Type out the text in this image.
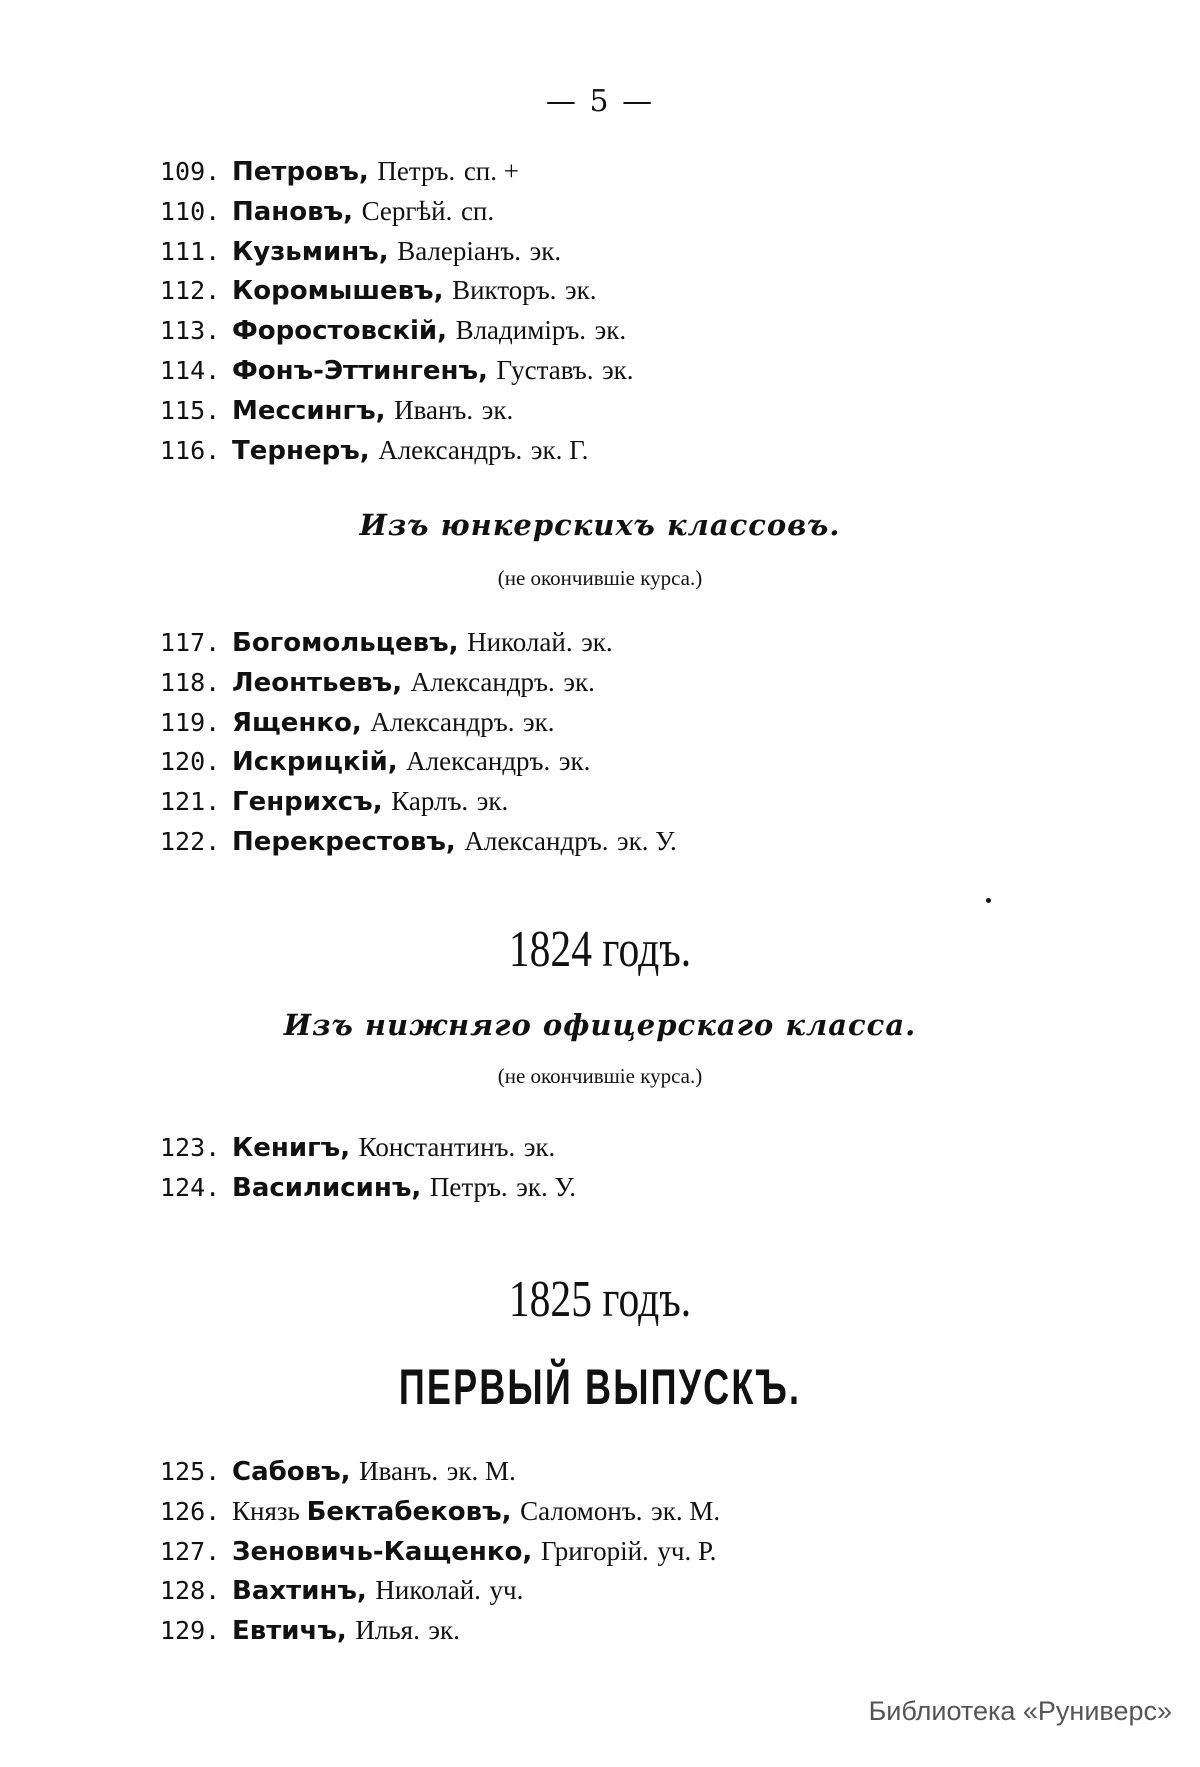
— 5 —
109. Петровъ, Петръ. сп. +
110. Пановъ, Сергѣй. сп.
111. Кузьминъ, Валеріанъ. эк.
112. Коромышевъ, Викторъ. эк.
113. Форостовскій, Владиміръ. эк.
114. Фонъ-Эттингенъ, Густавъ. эк.
115. Мессингъ, Иванъ. эк.
116. Тернеръ, Александръ. эк. Г.
Изъ юнкерскихъ классовъ.
(не окончившіе курса.)
117. Богомольцевъ, Николай. эк.
118. Леонтьевъ, Александръ. эк.
119. Ященко, Александръ. эк.
120. Искрицкій, Александръ. эк.
121. Генрихсъ, Карлъ. эк.
122. Перекрестовъ, Александръ. эк. У.
1824 годъ.
Изъ нижняго офицерскаго класса.
(не окончившіе курса.)
123. Кенигъ, Константинъ. эк.
124. Василисинъ, Петръ. эк. У.
1825 годъ.
ПЕРВЫЙ ВЫПУСКЪ.
125. Сабовъ, Иванъ. эк. М.
126. Князь Бектабековъ, Саломонъ. эк. М.
127. Зеновичь-Кащенко, Григорій. уч. Р.
128. Вахтинъ, Николай. уч.
129. Евтичъ, Илья. эк.
Библиотека «Руниверс»
